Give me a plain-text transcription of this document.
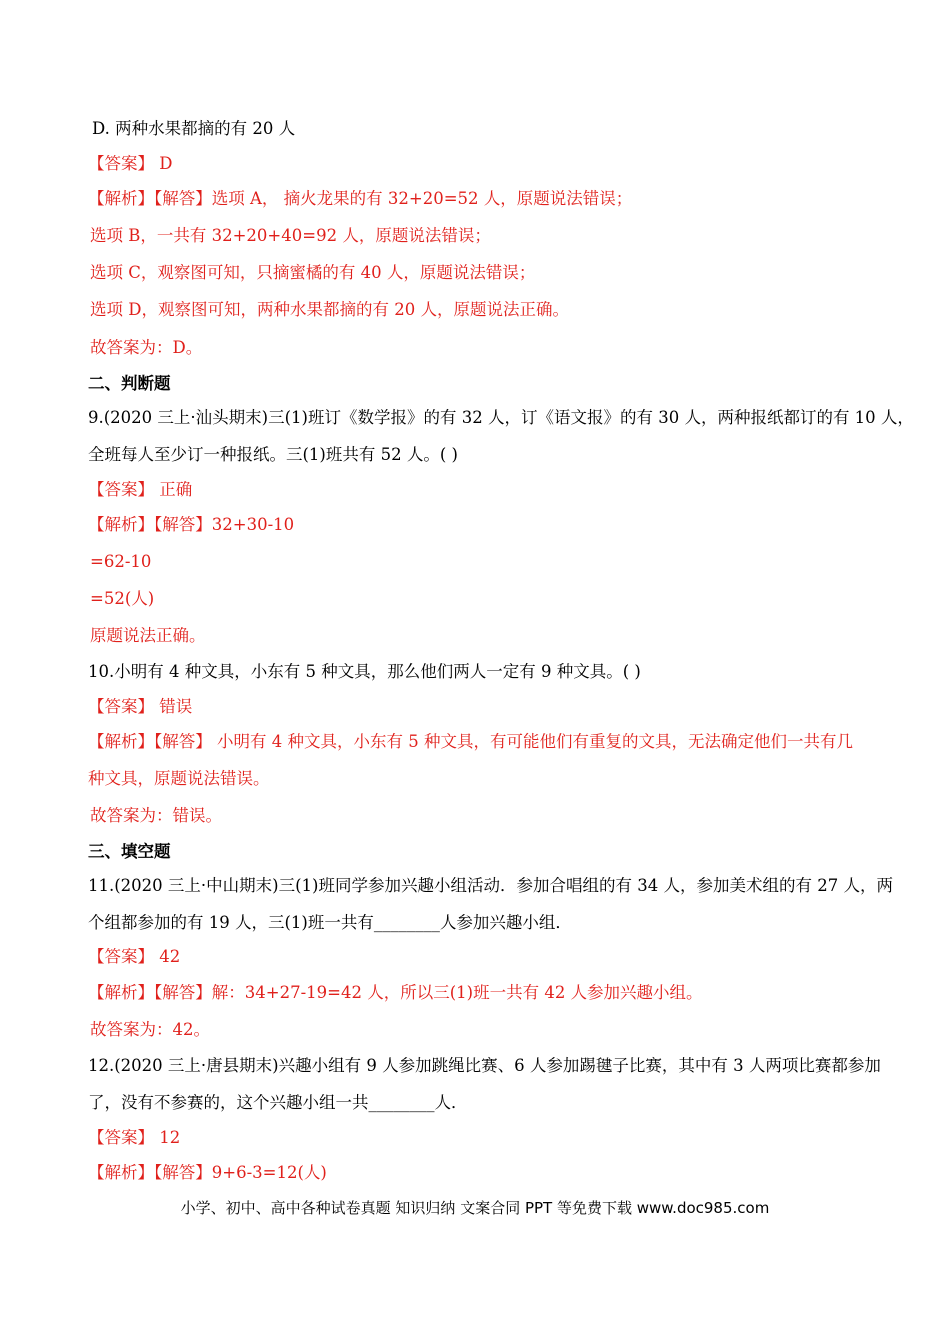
D. 两种水果都摘的有 20 人
【答案】 D
【解析】【解答】选项 A， 摘火龙果的有 32+20=52 人，原题说法错误；
选项 B，一共有 32+20+40=92 人，原题说法错误；
选项 C，观察图可知，只摘蜜橘的有 40 人，原题说法错误；
选项 D，观察图可知，两种水果都摘的有 20 人，原题说法正确。
故答案为：D。
二、判断题
9.(2020 三上·汕头期末)三(1)班订《数学报》的有 32 人，订《语文报》的有 30 人，两种报纸都订的有 10 人，
全班每人至少订一种报纸。三(1)班共有 52 人。( )
【答案】 正确
【解析】【解答】32+30-10
=62-10
=52(人)
原题说法正确。
10.小明有 4 种文具，小东有 5 种文具，那么他们两人一定有 9 种文具。( )
【答案】 错误
【解析】【解答】 小明有 4 种文具，小东有 5 种文具，有可能他们有重复的文具，无法确定他们一共有几
种文具，原题说法错误。
故答案为：错误。
三、填空题
11.(2020 三上·中山期末)三(1)班同学参加兴趣小组活动．参加合唱组的有 34 人，参加美术组的有 27 人，两
个组都参加的有 19 人，三(1)班一共有________人参加兴趣小组．
【答案】 42
【解析】【解答】解：34+27-19=42 人，所以三(1)班一共有 42 人参加兴趣小组。
故答案为：42。
12.(2020 三上·唐县期末)兴趣小组有 9 人参加跳绳比赛、6 人参加踢毽子比赛，其中有 3 人两项比赛都参加
了，没有不参赛的，这个兴趣小组一共________人．
【答案】 12
【解析】【解答】9+6-3=12(人)
小学、初中、高中各种试卷真题 知识归纳 文案合同 PPT 等免费下载 www.doc985.com
